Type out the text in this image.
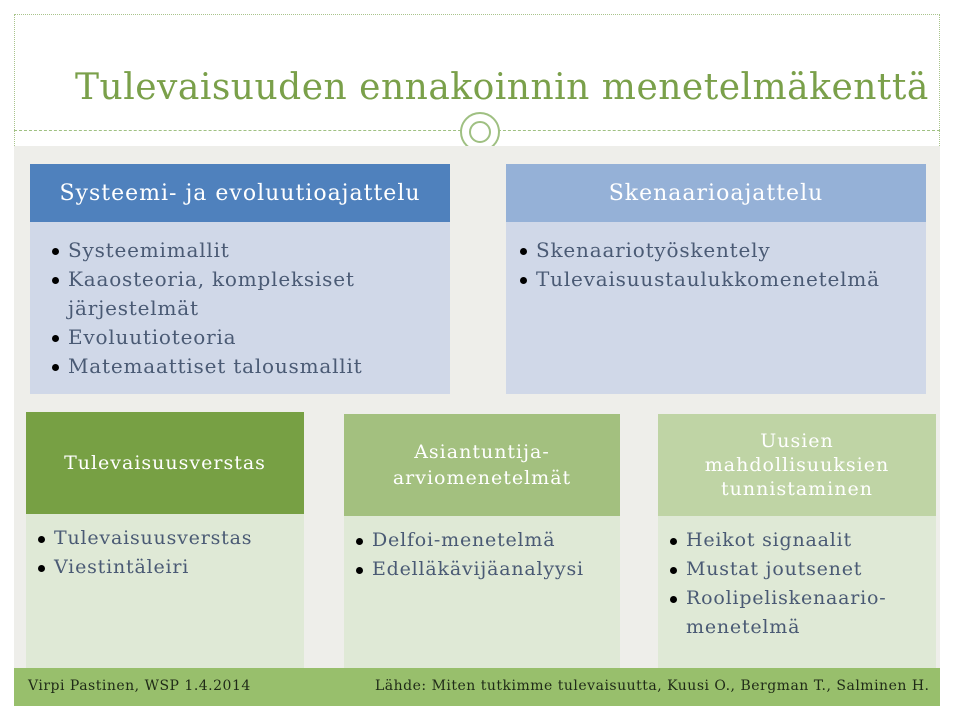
Tulevaisuuden ennakoinnin menetelmäkenttä
Systeemi- ja evoluutioajattelu
Systeemimallit
Kaaosteoria, kompleksiset järjestelmät
Evoluutioteoria
Matemaattiset talousmallit
Skenaarioajattelu
Skenaariotyöskentely
Tulevaisuustaulukkomenetelmä
Tulevaisuusverstas
Tulevaisuusverstas
Viestintäleiri
Asiantuntija-arviomenetelmät
Delfoi-menetelmä
Edelläkävijäanalyysi
Uusien mahdollisuuksien tunnistaminen
Heikot signaalit
Mustat joutsenet
Roolipeliskenaario-menetelmä
Virpi Pastinen, WSP 1.4.2014	Lähde: Miten tutkimme tulevaisuutta, Kuusi O., Bergman T., Salminen H.
